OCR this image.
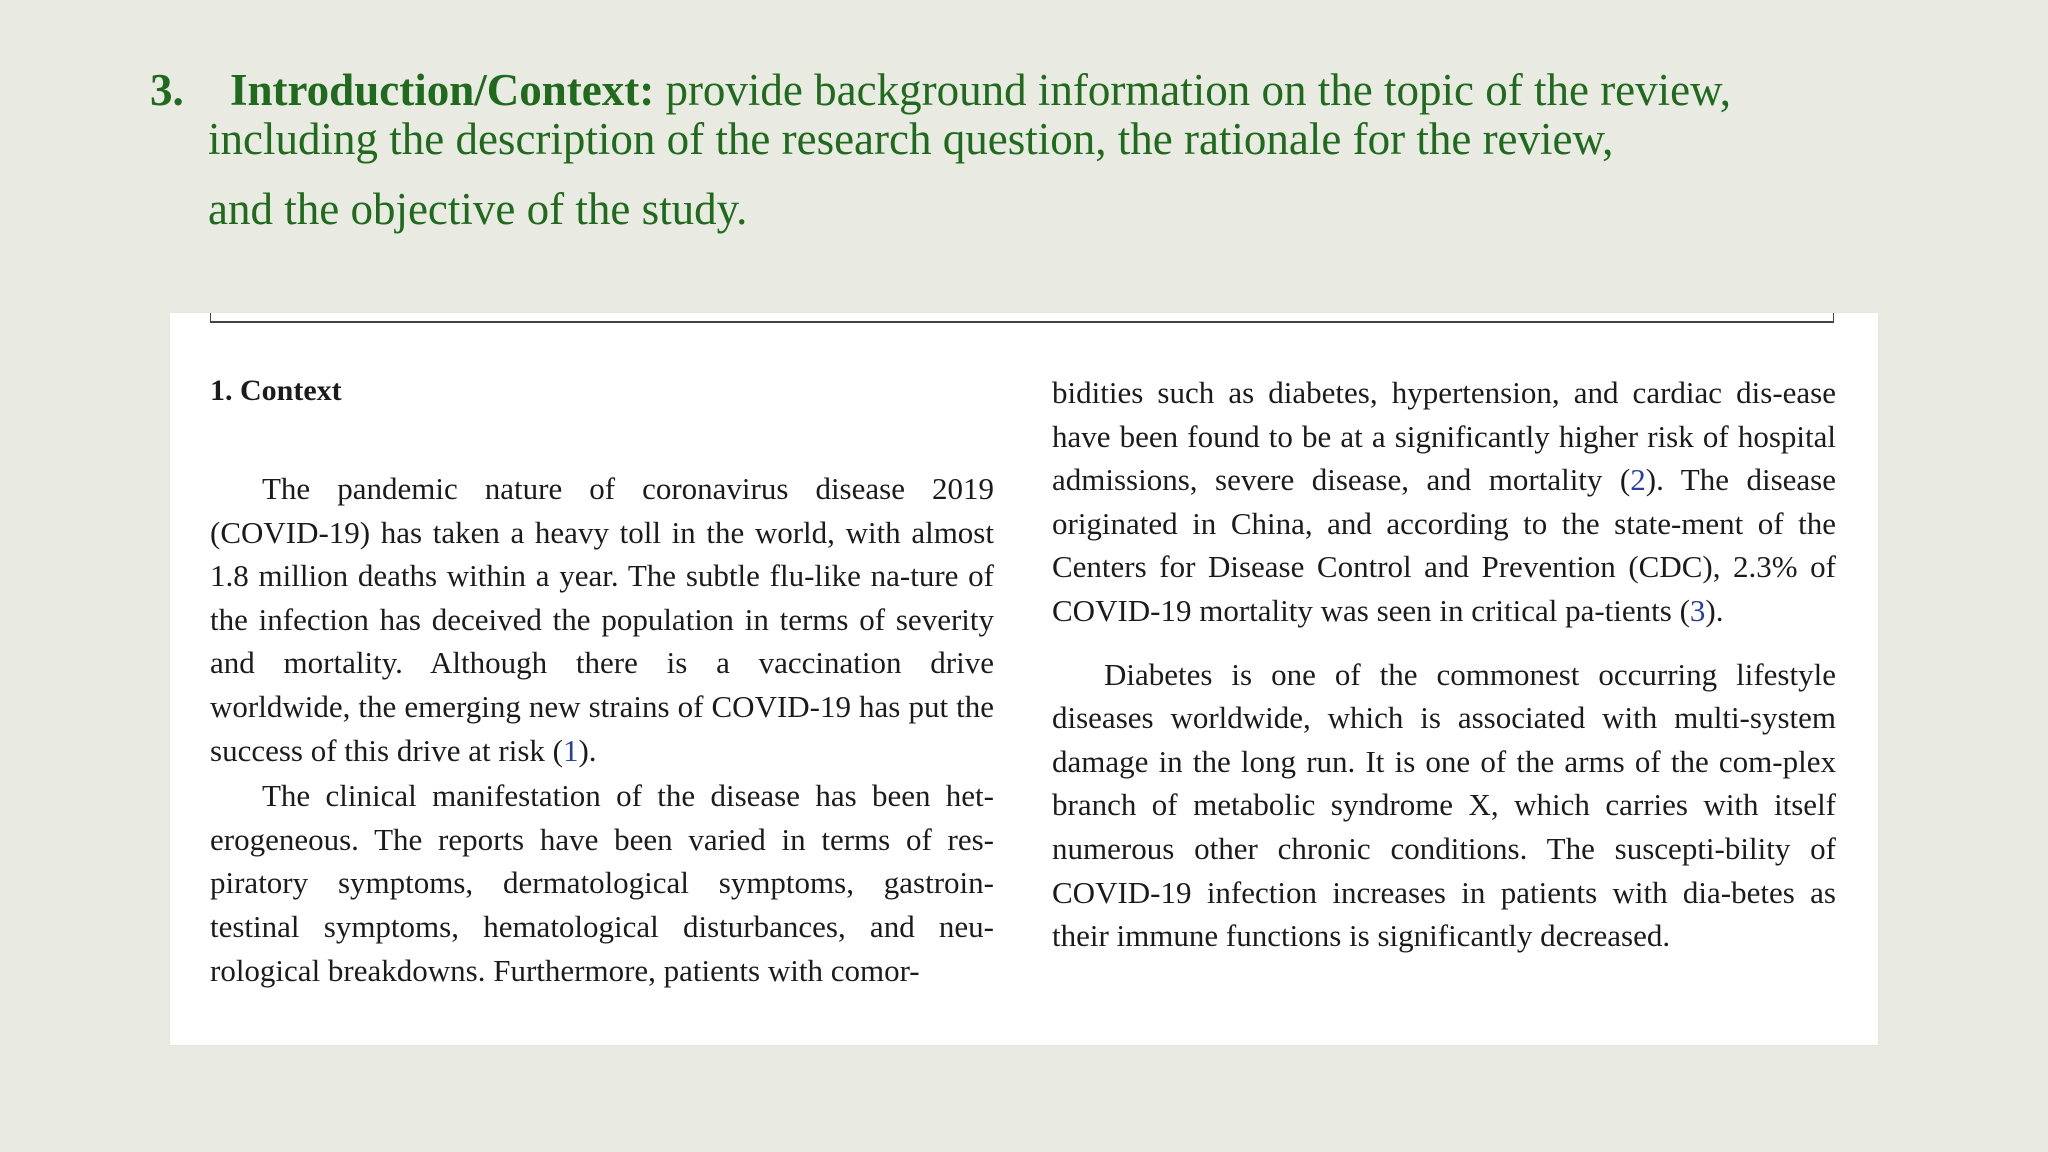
3. Introduction/Context: provide background information on the topic of the review,
including the description of the research question, the rationale for the review,
and the objective of the study.
1. Context

The pandemic nature of coronavirus disease 2019 (COVID-19) has taken a heavy toll in the world, with almost 1.8 million deaths within a year. The subtle flu-like na-ture of the infection has deceived the population in terms of severity and mortality. Although there is a vaccination drive worldwide, the emerging new strains of COVID-19 has put the success of this drive at risk (1).

The clinical manifestation of the disease has been het-erogeneous. The reports have been varied in terms of res-piratory symptoms, dermatological symptoms, gastroin-testinal symptoms, hematological disturbances, and neu-rological breakdowns. Furthermore, patients with comor-

bidities such as diabetes, hypertension, and cardiac dis-ease have been found to be at a significantly higher risk of hospital admissions, severe disease, and mortality (2). The disease originated in China, and according to the state-ment of the Centers for Disease Control and Prevention (CDC), 2.3% of COVID-19 mortality was seen in critical pa-tients (3).

Diabetes is one of the commonest occurring lifestyle diseases worldwide, which is associated with multi-system damage in the long run. It is one of the arms of the com-plex branch of metabolic syndrome X, which carries with itself numerous other chronic conditions. The suscepti-bility of COVID-19 infection increases in patients with dia-betes as their immune functions is significantly decreased.
